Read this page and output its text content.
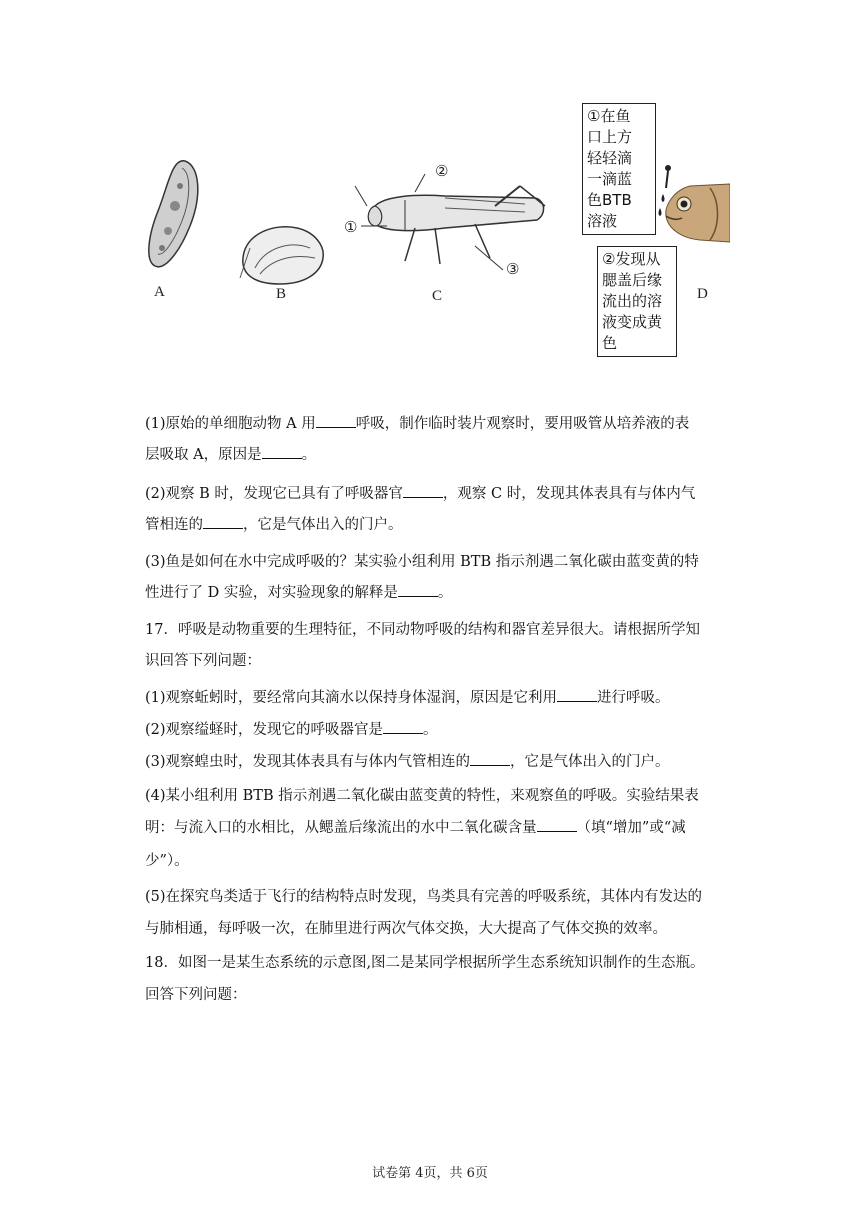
A	B
②
①
③
C
①在鱼
口上方
轻轻滴
一滴蓝
色BTB
溶液
②发现从
腮盖后缘
流出的溶
液变成黄
色
D
(1)原始的单细胞动物 A 用	呼吸，制作临时装片观察时，要用吸管从培养液的表
层吸取 A，原因是	。
(2)观察 B 时，发现它已具有了呼吸器官	，观察 C 时，发现其体表具有与体内气
管相连的	，它是气体出入的门户。
(3)鱼是如何在水中完成呼吸的？某实验小组利用 BTB 指示剂遇二氧化碳由蓝变黄的特
性进行了 D 实验，对实验现象的解释是	。
17．呼吸是动物重要的生理特征，不同动物呼吸的结构和器官差异很大。请根据所学知
识回答下列问题：
(1)观察蚯蚓时，要经常向其滴水以保持身体湿润，原因是它利用	进行呼吸。
(2)观察缢蛏时，发现它的呼吸器官是	。
(3)观察蝗虫时，发现其体表具有与体内气管相连的	，它是气体出入的门户。
(4)某小组利用 BTB 指示剂遇二氧化碳由蓝变黄的特性，来观察鱼的呼吸。实验结果表
明：与流入口的水相比，从鳃盖后缘流出的水中二氧化碳含量	（填“增加”或“减
少”）。
(5)在探究鸟类适于飞行的结构特点时发现，鸟类具有完善的呼吸系统，其体内有发达的
与肺相通，每呼吸一次，在肺里进行两次气体交换，大大提高了气体交换的效率。
18．如图一是某生态系统的示意图,图二是某同学根据所学生态系统知识制作的生态瓶。
回答下列问题：
试卷第 4页，共 6页
